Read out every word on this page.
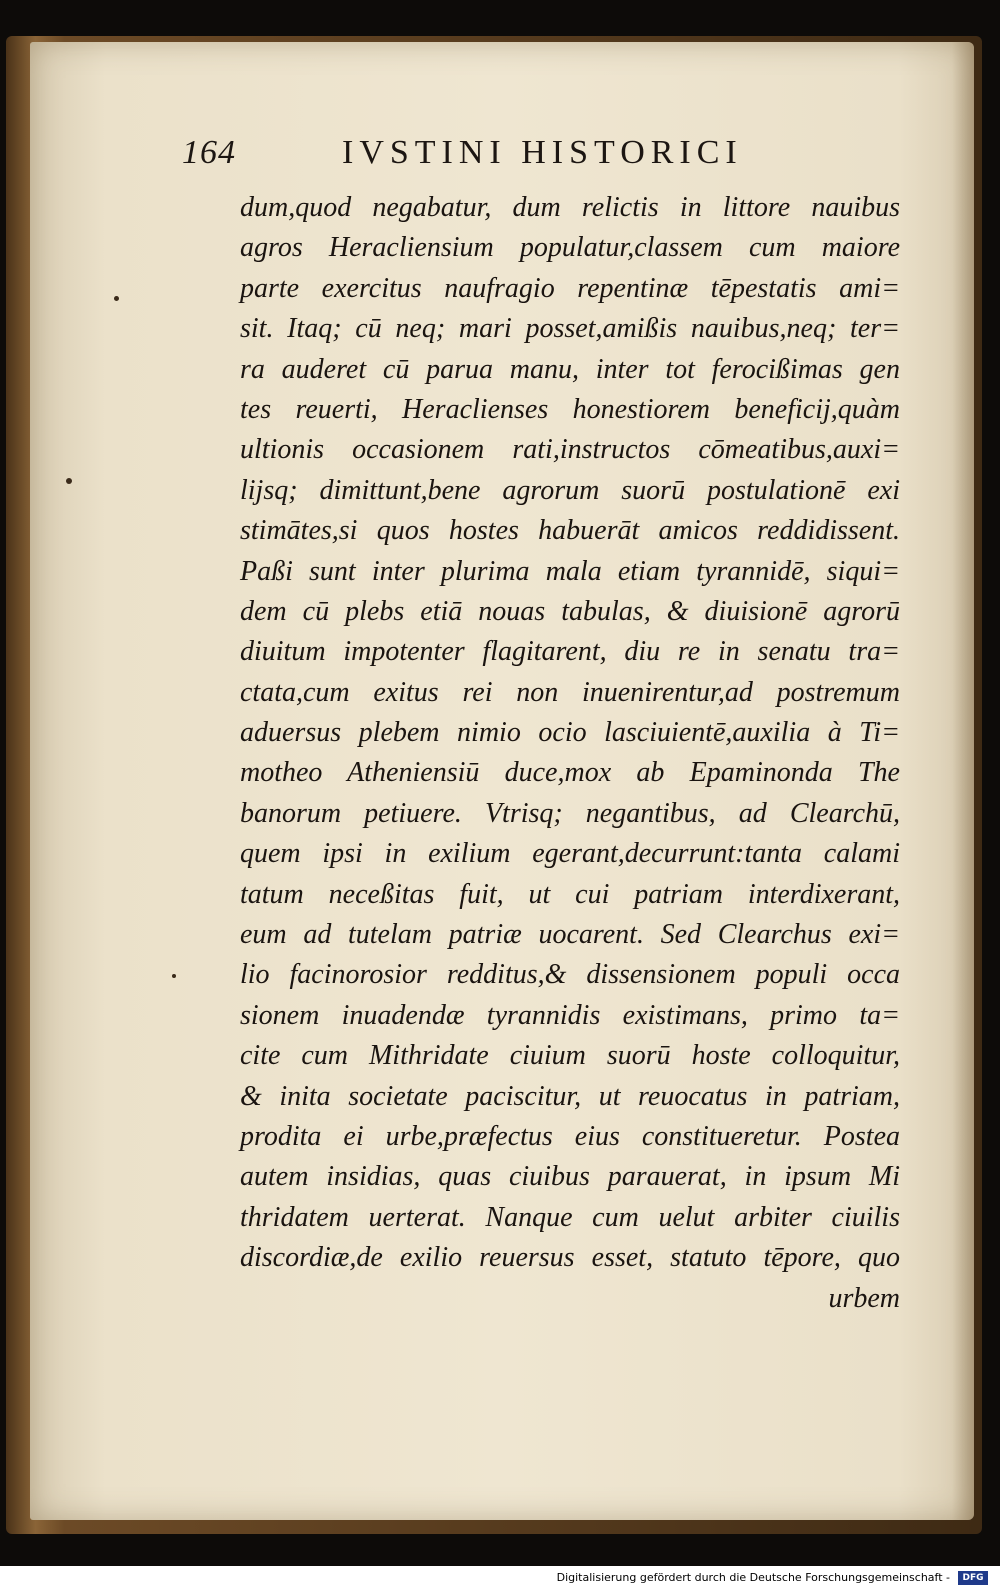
164	IVSTINI HISTORICI
dum,quod negabatur, dum relictis in littore nauibus
agros Heracliensium populatur,classem cum maiore
parte exercitus naufragio repentinæ tēpestatis ami=
sit. Itaq; cū neq; mari posset,amißis nauibus,neq; ter=
ra auderet cū parua manu, inter tot ferocißimas gen
tes reuerti, Heraclienses honestiorem beneficij,quàm
ultionis occasionem rati,instructos cōmeatibus,auxi=
lijsq; dimittunt,bene agrorum suorū postulationē exi
stimātes,si quos hostes habuerāt amicos reddidissent.
Paßi sunt inter plurima mala etiam tyrannidē, siqui=
dem cū plebs etiā nouas tabulas, & diuisionē agrorū
diuitum impotenter flagitarent, diu re in senatu tra=
ctata,cum exitus rei non inuenirentur,ad postremum
aduersus plebem nimio ocio lasciuientē,auxilia à Ti=
motheo Atheniensiū duce,mox ab Epaminonda The
banorum petiuere. Vtrisq; negantibus, ad Clearchū,
quem ipsi in exilium egerant,decurrunt:tanta calami
tatum neceßitas fuit, ut cui patriam interdixerant,
eum ad tutelam patriæ uocarent. Sed Clearchus exi=
lio facinorosior redditus,& dissensionem populi occa
sionem inuadendæ tyrannidis existimans, primo ta=
cite cum Mithridate ciuium suorū hoste colloquitur,
& inita societate paciscitur, ut reuocatus in patriam,
prodita ei urbe,præfectus eius constitueretur. Postea
autem insidias, quas ciuibus parauerat, in ipsum Mi
thridatem uerterat. Nanque cum uelut arbiter ciuilis
discordiæ,de exilio reuersus esset, statuto tēpore, quo
urbem
Digitalisierung gefördert durch die Deutsche Forschungsgemeinschaft -	DFG
